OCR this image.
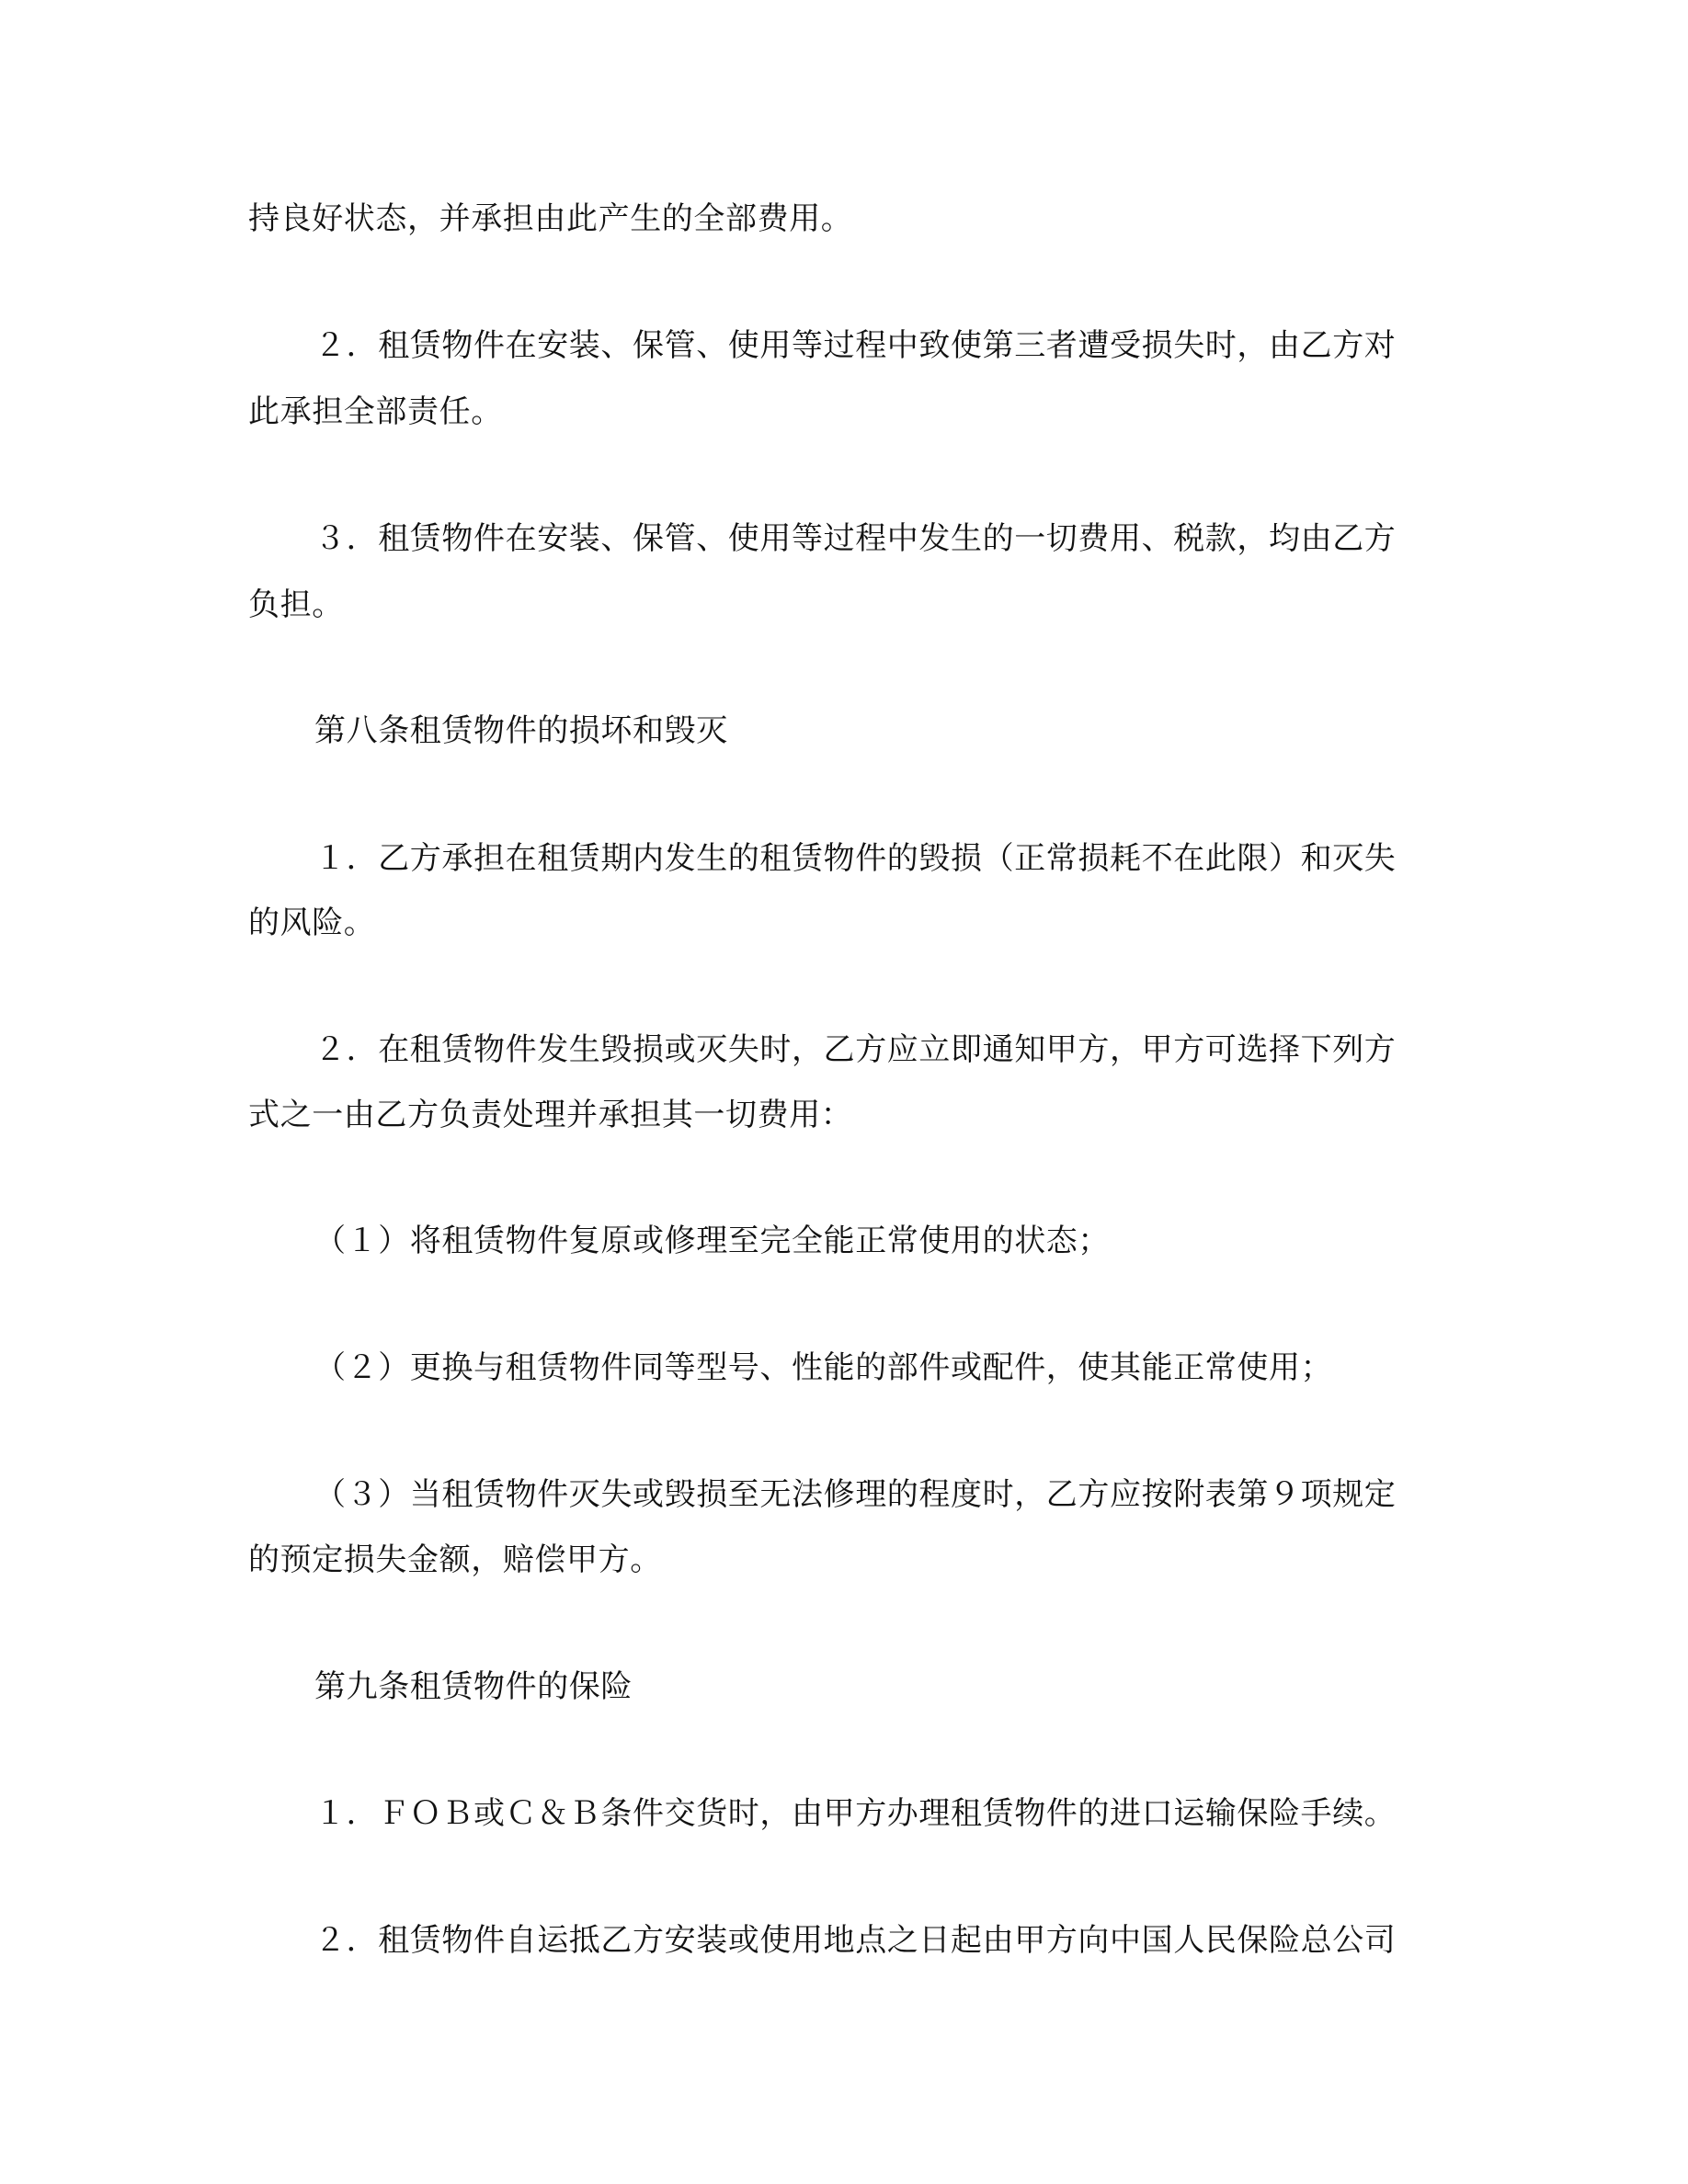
持良好状态，并承担由此产生的全部费用。
２．租赁物件在安装、保管、使用等过程中致使第三者遭受损失时，由乙方对
此承担全部责任。
３．租赁物件在安装、保管、使用等过程中发生的一切费用、税款，均由乙方
负担。
第八条租赁物件的损坏和毁灭
１．乙方承担在租赁期内发生的租赁物件的毁损（正常损耗不在此限）和灭失
的风险。
２．在租赁物件发生毁损或灭失时，乙方应立即通知甲方，甲方可选择下列方
式之一由乙方负责处理并承担其一切费用：
（１）将租赁物件复原或修理至完全能正常使用的状态；
（２）更换与租赁物件同等型号、性能的部件或配件，使其能正常使用；
（３）当租赁物件灭失或毁损至无法修理的程度时，乙方应按附表第９项规定
的预定损失金额，赔偿甲方。
第九条租赁物件的保险
１．ＦＯＢ或Ｃ＆Ｂ条件交货时，由甲方办理租赁物件的进口运输保险手续。
２．租赁物件自运抵乙方安装或使用地点之日起由甲方向中国人民保险总公司
